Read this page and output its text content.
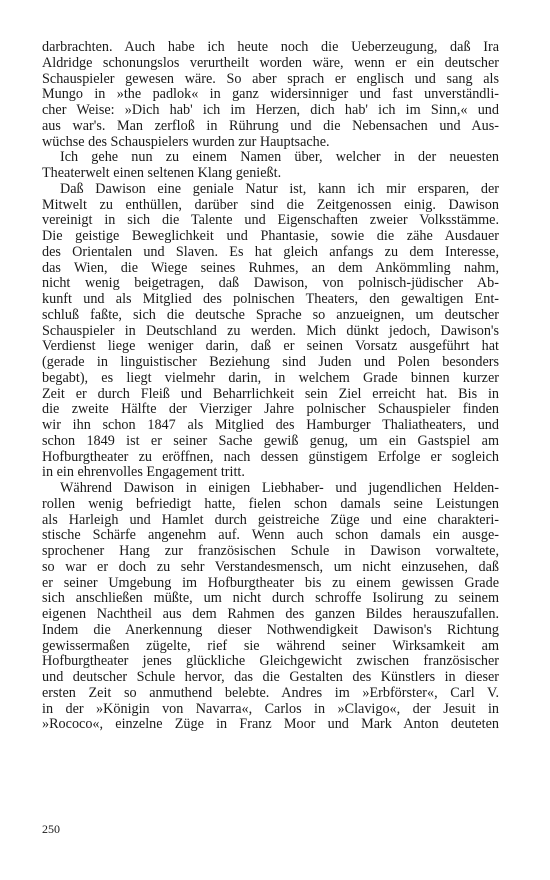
darbrachten. Auch habe ich heute noch die Ueberzeugung, daß Ira
Aldridge schonungslos verurtheilt worden wäre, wenn er ein deutscher
Schauspieler gewesen wäre. So aber sprach er englisch und sang als
Mungo in »the padlok« in ganz widersinniger und fast unverständli-
cher Weise: »Dich hab' ich im Herzen, dich hab' ich im Sinn,« und
aus war's. Man zerfloß in Rührung und die Nebensachen und Aus-
wüchse des Schauspielers wurden zur Hauptsache.
Ich gehe nun zu einem Namen über, welcher in der neuesten
Theaterwelt einen seltenen Klang genießt.
Daß Dawison eine geniale Natur ist, kann ich mir ersparen, der
Mitwelt zu enthüllen, darüber sind die Zeitgenossen einig. Dawison
vereinigt in sich die Talente und Eigenschaften zweier Volksstämme.
Die geistige Beweglichkeit und Phantasie, sowie die zähe Ausdauer
des Orientalen und Slaven. Es hat gleich anfangs zu dem Interesse,
das Wien, die Wiege seines Ruhmes, an dem Ankömmling nahm,
nicht wenig beigetragen, daß Dawison, von polnisch-jüdischer Ab-
kunft und als Mitglied des polnischen Theaters, den gewaltigen Ent-
schluß faßte, sich die deutsche Sprache so anzueignen, um deutscher
Schauspieler in Deutschland zu werden. Mich dünkt jedoch, Dawison's
Verdienst liege weniger darin, daß er seinen Vorsatz ausgeführt hat
(gerade in linguistischer Beziehung sind Juden und Polen besonders
begabt), es liegt vielmehr darin, in welchem Grade binnen kurzer
Zeit er durch Fleiß und Beharrlichkeit sein Ziel erreicht hat. Bis in
die zweite Hälfte der Vierziger Jahre polnischer Schauspieler finden
wir ihn schon 1847 als Mitglied des Hamburger Thaliatheaters, und
schon 1849 ist er seiner Sache gewiß genug, um ein Gastspiel am
Hofburgtheater zu eröffnen, nach dessen günstigem Erfolge er sogleich
in ein ehrenvolles Engagement tritt.
Während Dawison in einigen Liebhaber- und jugendlichen Helden-
rollen wenig befriedigt hatte, fielen schon damals seine Leistungen
als Harleigh und Hamlet durch geistreiche Züge und eine charakteri-
stische Schärfe angenehm auf. Wenn auch schon damals ein ausge-
sprochener Hang zur französischen Schule in Dawison vorwaltete,
so war er doch zu sehr Verstandesmensch, um nicht einzusehen, daß
er seiner Umgebung im Hofburgtheater bis zu einem gewissen Grade
sich anschließen müßte, um nicht durch schroffe Isolirung zu seinem
eigenen Nachtheil aus dem Rahmen des ganzen Bildes herauszufallen.
Indem die Anerkennung dieser Nothwendigkeit Dawison's Richtung
gewissermaßen zügelte, rief sie während seiner Wirksamkeit am
Hofburgtheater jenes glückliche Gleichgewicht zwischen französischer
und deutscher Schule hervor, das die Gestalten des Künstlers in dieser
ersten Zeit so anmuthend belebte. Andres im »Erbförster«, Carl V.
in der »Königin von Navarra«, Carlos in »Clavigo«, der Jesuit in
»Rococo«, einzelne Züge in Franz Moor und Mark Anton deuteten
250
